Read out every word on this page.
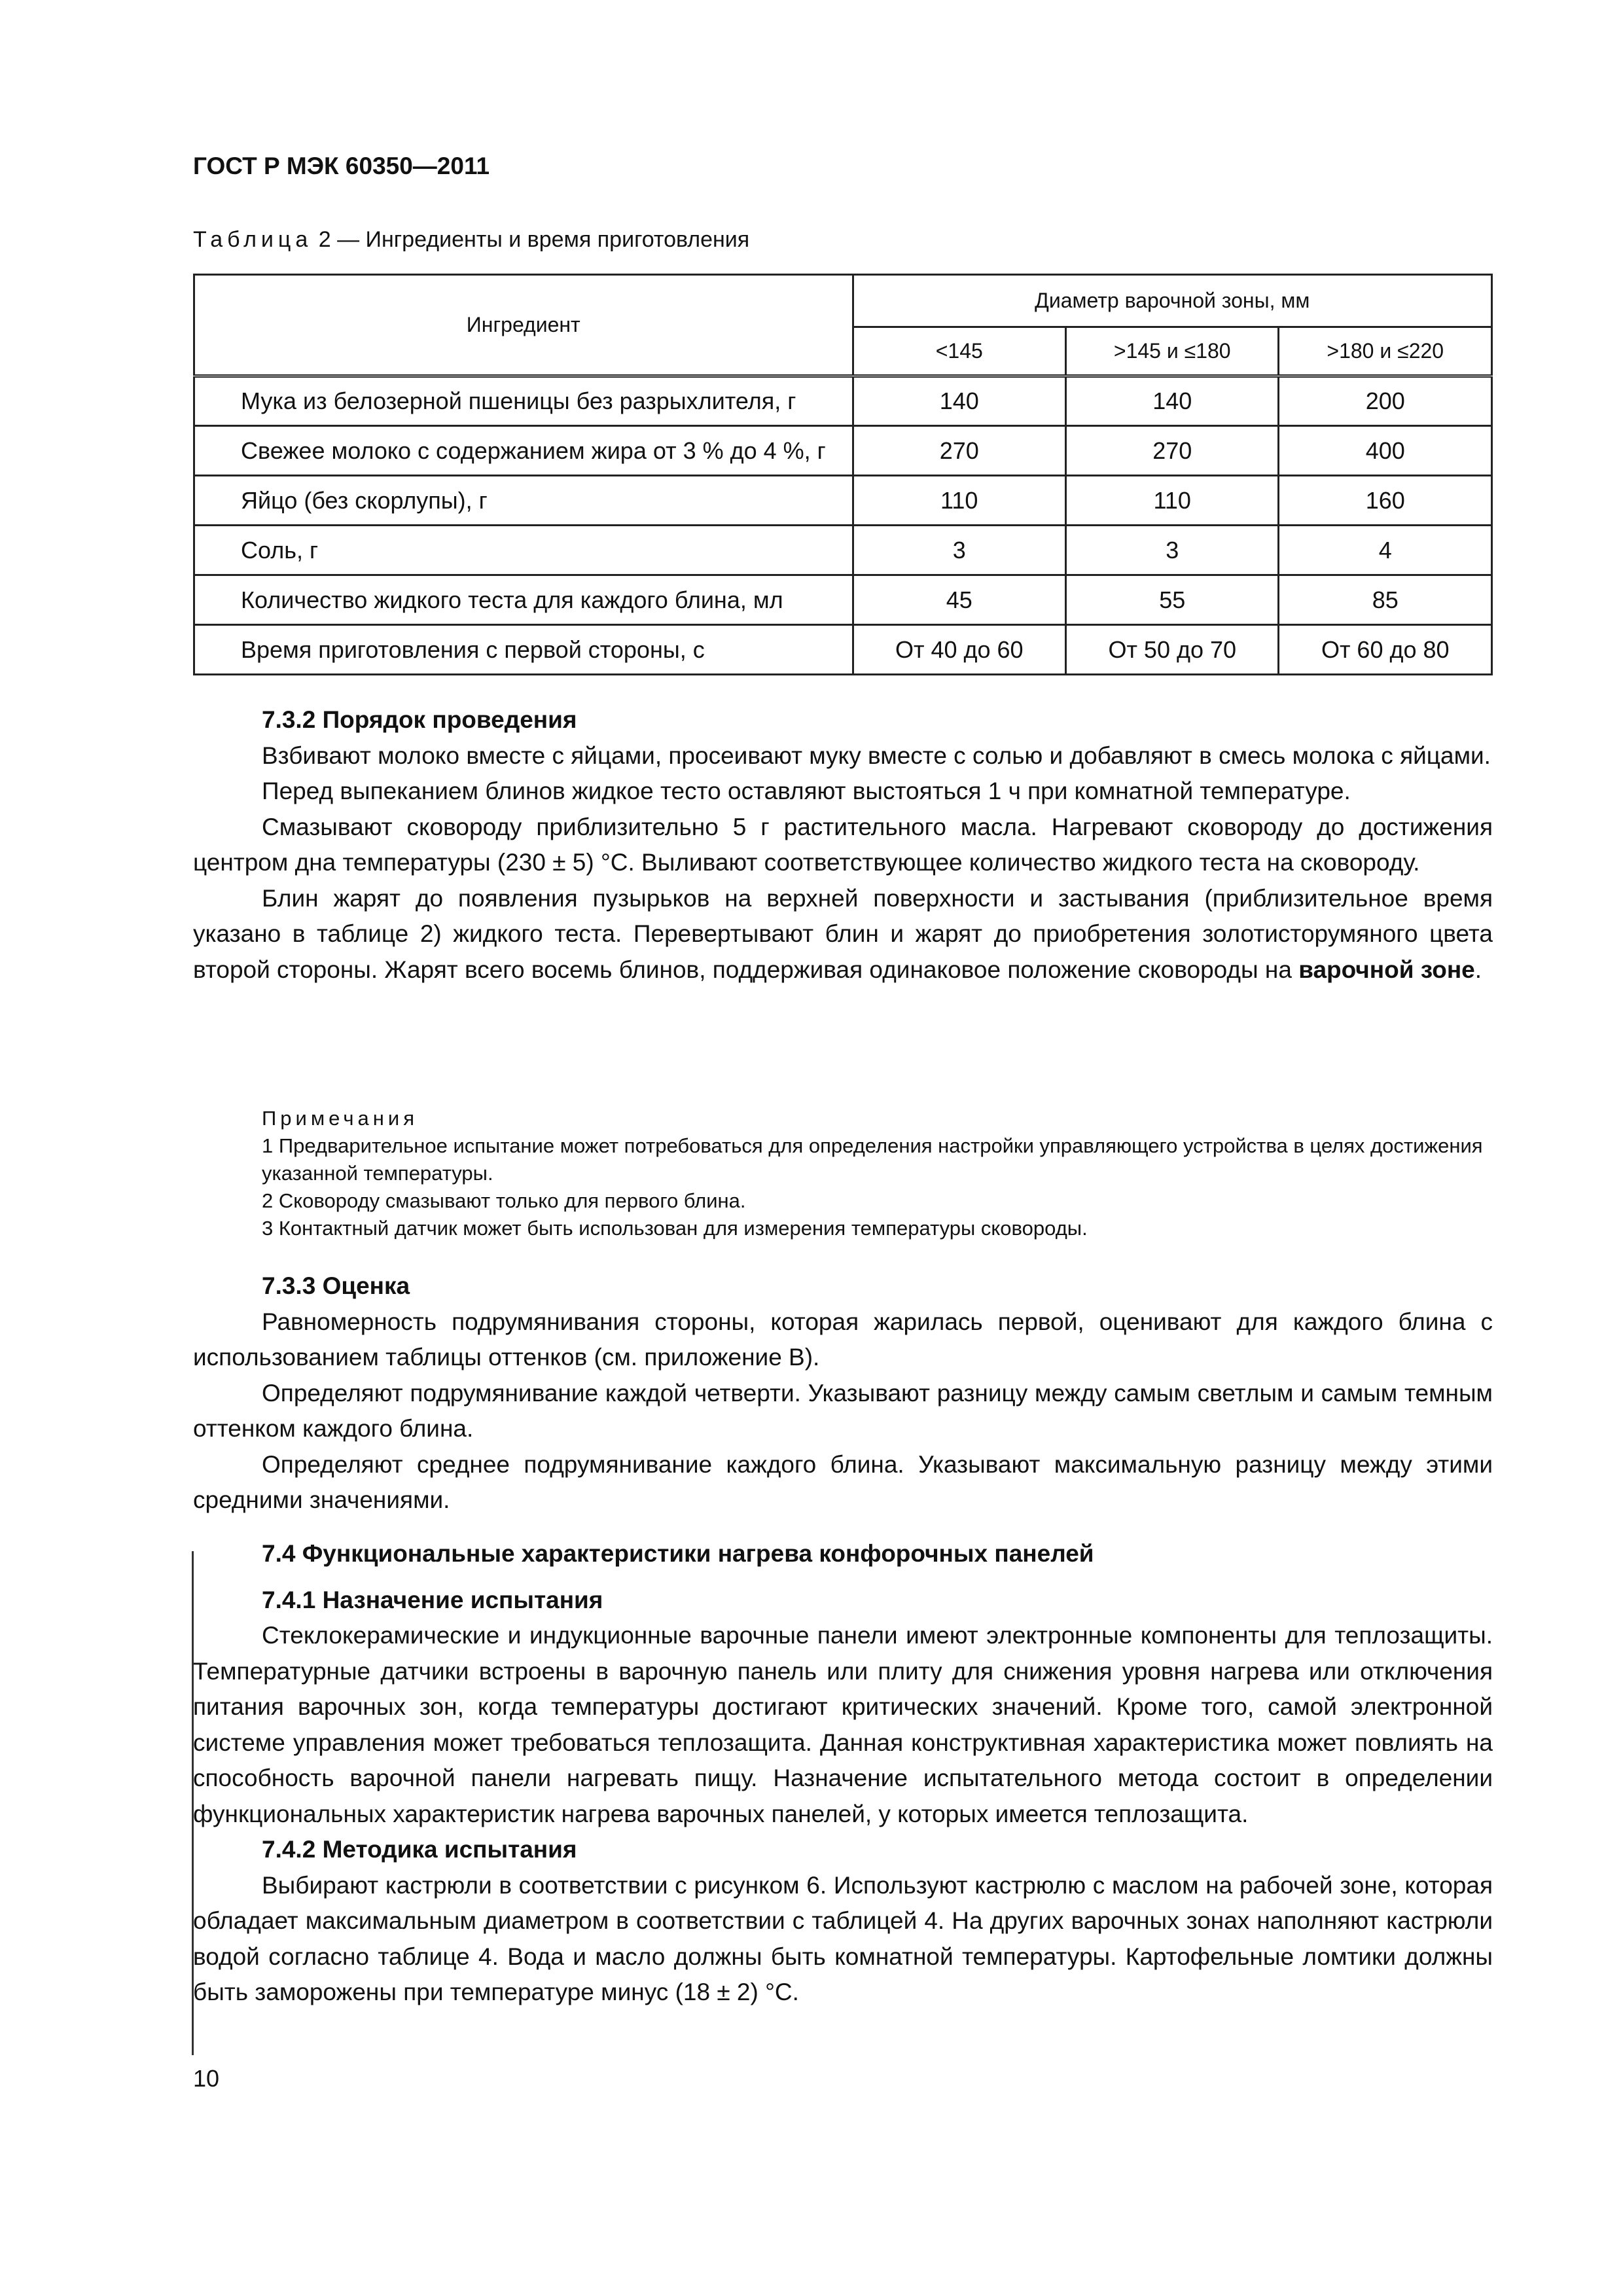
ГОСТ Р МЭК 60350—2011
Таблица 2 — Ингредиенты и время приготовления
Ингредиент	Диаметр варочной зоны, мм		
	<145	>145 и ≤180	>180 и ≤220
Мука из белозерной пшеницы без разрыхлителя, г	140	140	200
Свежее молоко с содержанием жира от 3 % до 4 %, г	270	270	400
Яйцо (без скорлупы), г	110	110	160
Соль, г	3	3	4
Количество жидкого теста для каждого блина, мл	45	55	85
Время приготовления с первой стороны, с	От 40 до 60	От 50 до 70	От 60 до 80

7.3.2 Порядок проведения

Взбивают молоко вместе с яйцами, просеивают муку вместе с солью и добавляют в смесь молока с яйцами.

Перед выпеканием блинов жидкое тесто оставляют выстояться 1 ч при комнатной температуре.

Смазывают сковороду приблизительно 5 г растительного масла. Нагревают сковороду до достижения центром дна температуры (230 ± 5) °С. Выливают соответствующее количество жидкого теста на сковороду.

Блин жарят до появления пузырьков на верхней поверхности и застывания (приблизительное время указано в таблице 2) жидкого теста. Перевертывают блин и жарят до приобретения золотисторумяного цвета второй стороны. Жарят всего восемь блинов, поддерживая одинаковое положение сковороды на варочной зоне.

Примечания

1 Предварительное испытание может потребоваться для определения настройки управляющего устройства в целях достижения указанной температуры.

2 Сковороду смазывают только для первого блина.

3 Контактный датчик может быть использован для измерения температуры сковороды.

7.3.3 Оценка

Равномерность подрумянивания стороны, которая жарилась первой, оценивают для каждого блина с использованием таблицы оттенков (см. приложение В).

Определяют подрумянивание каждой четверти. Указывают разницу между самым светлым и самым темным оттенком каждого блина.

Определяют среднее подрумянивание каждого блина. Указывают максимальную разницу между этими средними значениями.

7.4 Функциональные характеристики нагрева конфорочных панелей

7.4.1 Назначение испытания

Стеклокерамические и индукционные варочные панели имеют электронные компоненты для теплозащиты. Температурные датчики встроены в варочную панель или плиту для снижения уровня нагрева или отключения питания варочных зон, когда температуры достигают критических значений. Кроме того, самой электронной системе управления может требоваться теплозащита. Данная конструктивная характеристика может повлиять на способность варочной панели нагревать пищу. Назначение испытательного метода состоит в определении функциональных характеристик нагрева варочных панелей, у которых имеется теплозащита.

7.4.2 Методика испытания

Выбирают кастрюли в соответствии с рисунком 6. Используют кастрюлю с маслом на рабочей зоне, которая обладает максимальным диаметром в соответствии с таблицей 4. На других варочных зонах наполняют кастрюли водой согласно таблице 4. Вода и масло должны быть комнатной температуры. Картофельные ломтики должны быть заморожены при температуре минус (18 ± 2) °С.

10
